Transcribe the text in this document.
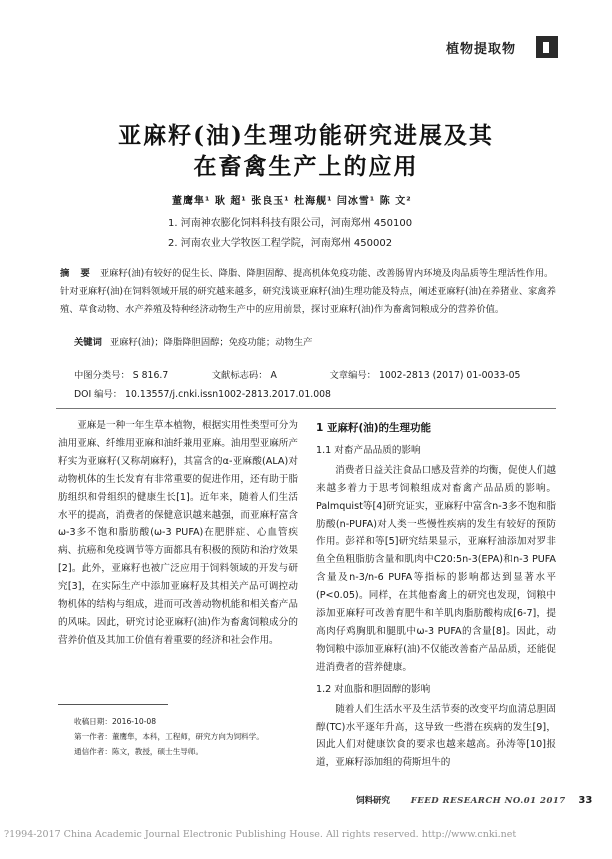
植物提取物
亚麻籽(油)生理功能研究进展及其
在畜禽生产上的应用
董鹰隼¹ 耿 超¹ 张良玉¹ 杜海舰¹ 闫冰雪¹ 陈 文²
1. 河南神农膨化饲料科技有限公司，河南郑州 450100
2. 河南农业大学牧医工程学院，河南郑州 450002
摘 要 亚麻籽(油)有较好的促生长、降脂、降胆固醇、提高机体免疫功能、改善肠胃内环境及肉品质等生理活性作用。针对亚麻籽(油)在饲料领域开展的研究越来越多，研究浅谈亚麻籽(油)生理功能及特点，阐述亚麻籽(油)在养猪业、家禽养殖、草食动物、水产养殖及特种经济动物生产中的应用前景，探讨亚麻籽(油)作为畜禽饲粮成分的营养价值。
关键词 亚麻籽(油)；降脂降胆固醇；免疫功能；动物生产
中图分类号： S 816.7	文献标志码： A	文章编号： 1002-2813 (2017) 01-0033-05
DOI 编号： 10.13557/j.cnki.issn1002-2813.2017.01.008

亚麻是一种一年生草本植物，根据实用性类型可分为油用亚麻、纤维用亚麻和油纤兼用亚麻。油用型亚麻所产籽实为亚麻籽(又称胡麻籽)，其富含的α-亚麻酸(ALA)对动物机体的生长发育有非常重要的促进作用，还有助于脂肪组织和骨组织的健康生长[1]。近年来，随着人们生活水平的提高，消费者的保健意识越来越强，而亚麻籽富含ω-3多不饱和脂肪酸(ω-3 PUFA)在肥胖症、心血管疾病、抗癌和免疫调节等方面都具有积极的预防和治疗效果[2]。此外，亚麻籽也被广泛应用于饲料领域的开发与研究[3]，在实际生产中添加亚麻籽及其相关产品可调控动物机体的结构与组成，进而可改善动物机能和相关畜产品的风味。因此，研究讨论亚麻籽(油)作为畜禽饲粮成分的营养价值及其加工价值有着重要的经济和社会作用。

1 亚麻籽(油)的生理功能
1.1 对畜产品品质的影响

消费者日益关注食品口感及营养的均衡，促使人们越来越多着力于思考饲粮组成对畜禽产品品质的影响。Palmquist等[4]研究证实，亚麻籽中富含n-3多不饱和脂肪酸(n-PUFA)对人类一些慢性疾病的发生有较好的预防作用。彭祥和等[5]研究结果显示，亚麻籽油添加对罗非鱼全鱼粗脂肪含量和肌肉中C20:5n-3(EPA)和n-3 PUFA含量及n-3/n-6 PUFA等指标的影响都达到显著水平(P<0.05)。同样，在其他畜禽上的研究也发现，饲粮中添加亚麻籽可改善育肥牛和羊肌肉脂肪酸构成[6-7]，提高肉仔鸡胸肌和腿肌中ω-3 PUFA的含量[8]。因此，动物饲粮中添加亚麻籽(油)不仅能改善畜产品品质，还能促进消费者的营养健康。

1.2 对血脂和胆固醇的影响

随着人们生活水平及生活节奏的改变平均血清总胆固醇(TC)水平逐年升高，这导致一些潜在疾病的发生[9]，因此人们对健康饮食的要求也越来越高。孙涛等[10]报道，亚麻籽添加组的荷斯坦牛的

收稿日期：2016-10-08
第一作者：董鹰隼，本科，工程师，研究方向为饲料学。
通信作者：陈文，教授，硕士生导师。
饲料研究 FEED RESEARCH NO.01 2017 33
?1994-2017 China Academic Journal Electronic Publishing House. All rights reserved. http://www.cnki.net
